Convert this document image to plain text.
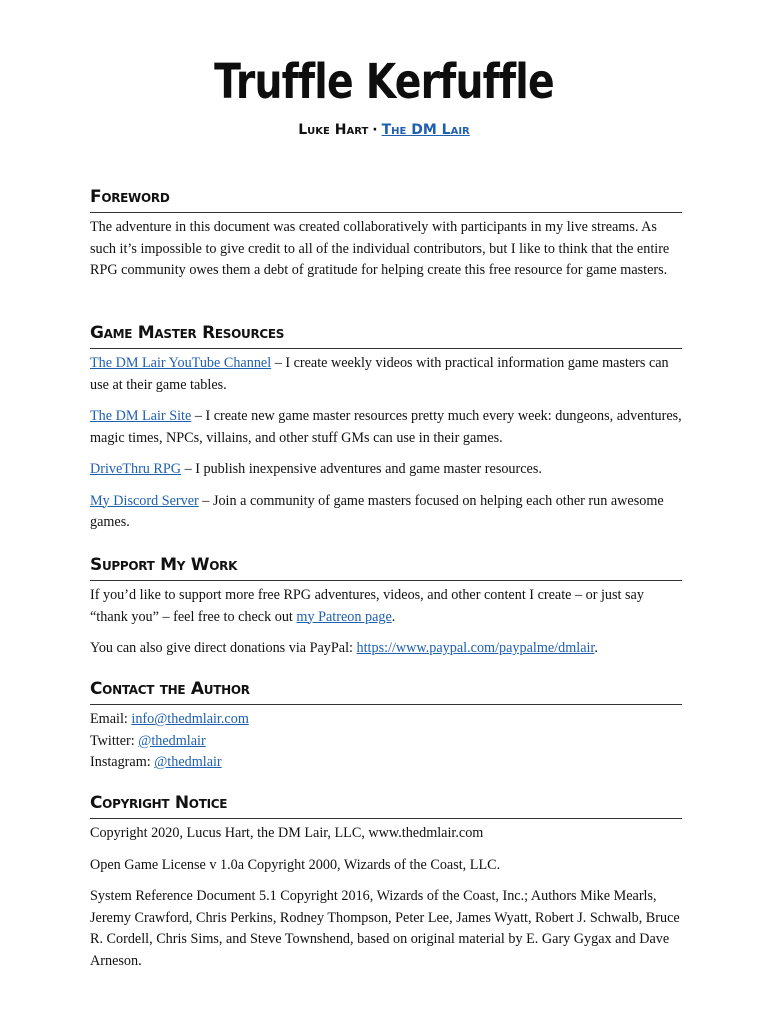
Truffle Kerfuffle
Luke Hart · The DM Lair
Foreword

The adventure in this document was created collaboratively with participants in my live streams. As such it’s impossible to give credit to all of the individual contributors, but I like to think that the entire RPG community owes them a debt of gratitude for helping create this free resource for game masters.

Game Master Resources

The DM Lair YouTube Channel – I create weekly videos with practical information game masters can use at their game tables.

The DM Lair Site – I create new game master resources pretty much every week: dungeons, adventures, magic times, NPCs, villains, and other stuff GMs can use in their games.

DriveThru RPG – I publish inexpensive adventures and game master resources.

My Discord Server – Join a community of game masters focused on helping each other run awesome games.

Support My Work

If you’d like to support more free RPG adventures, videos, and other content I create – or just say “thank you” – feel free to check out my Patreon page.

You can also give direct donations via PayPal: https://www.paypal.com/paypalme/dmlair.

Contact the Author
Email: info@thedmlair.com
Twitter: @thedmlair
Instagram: @thedmlair
Copyright Notice

Copyright 2020, Lucus Hart, the DM Lair, LLC, www.thedmlair.com

Open Game License v 1.0a Copyright 2000, Wizards of the Coast, LLC.

System Reference Document 5.1 Copyright 2016, Wizards of the Coast, Inc.; Authors Mike Mearls, Jeremy Crawford, Chris Perkins, Rodney Thompson, Peter Lee, James Wyatt, Robert J. Schwalb, Bruce R. Cordell, Chris Sims, and Steve Townshend, based on original material by E. Gary Gygax and Dave Arneson.
